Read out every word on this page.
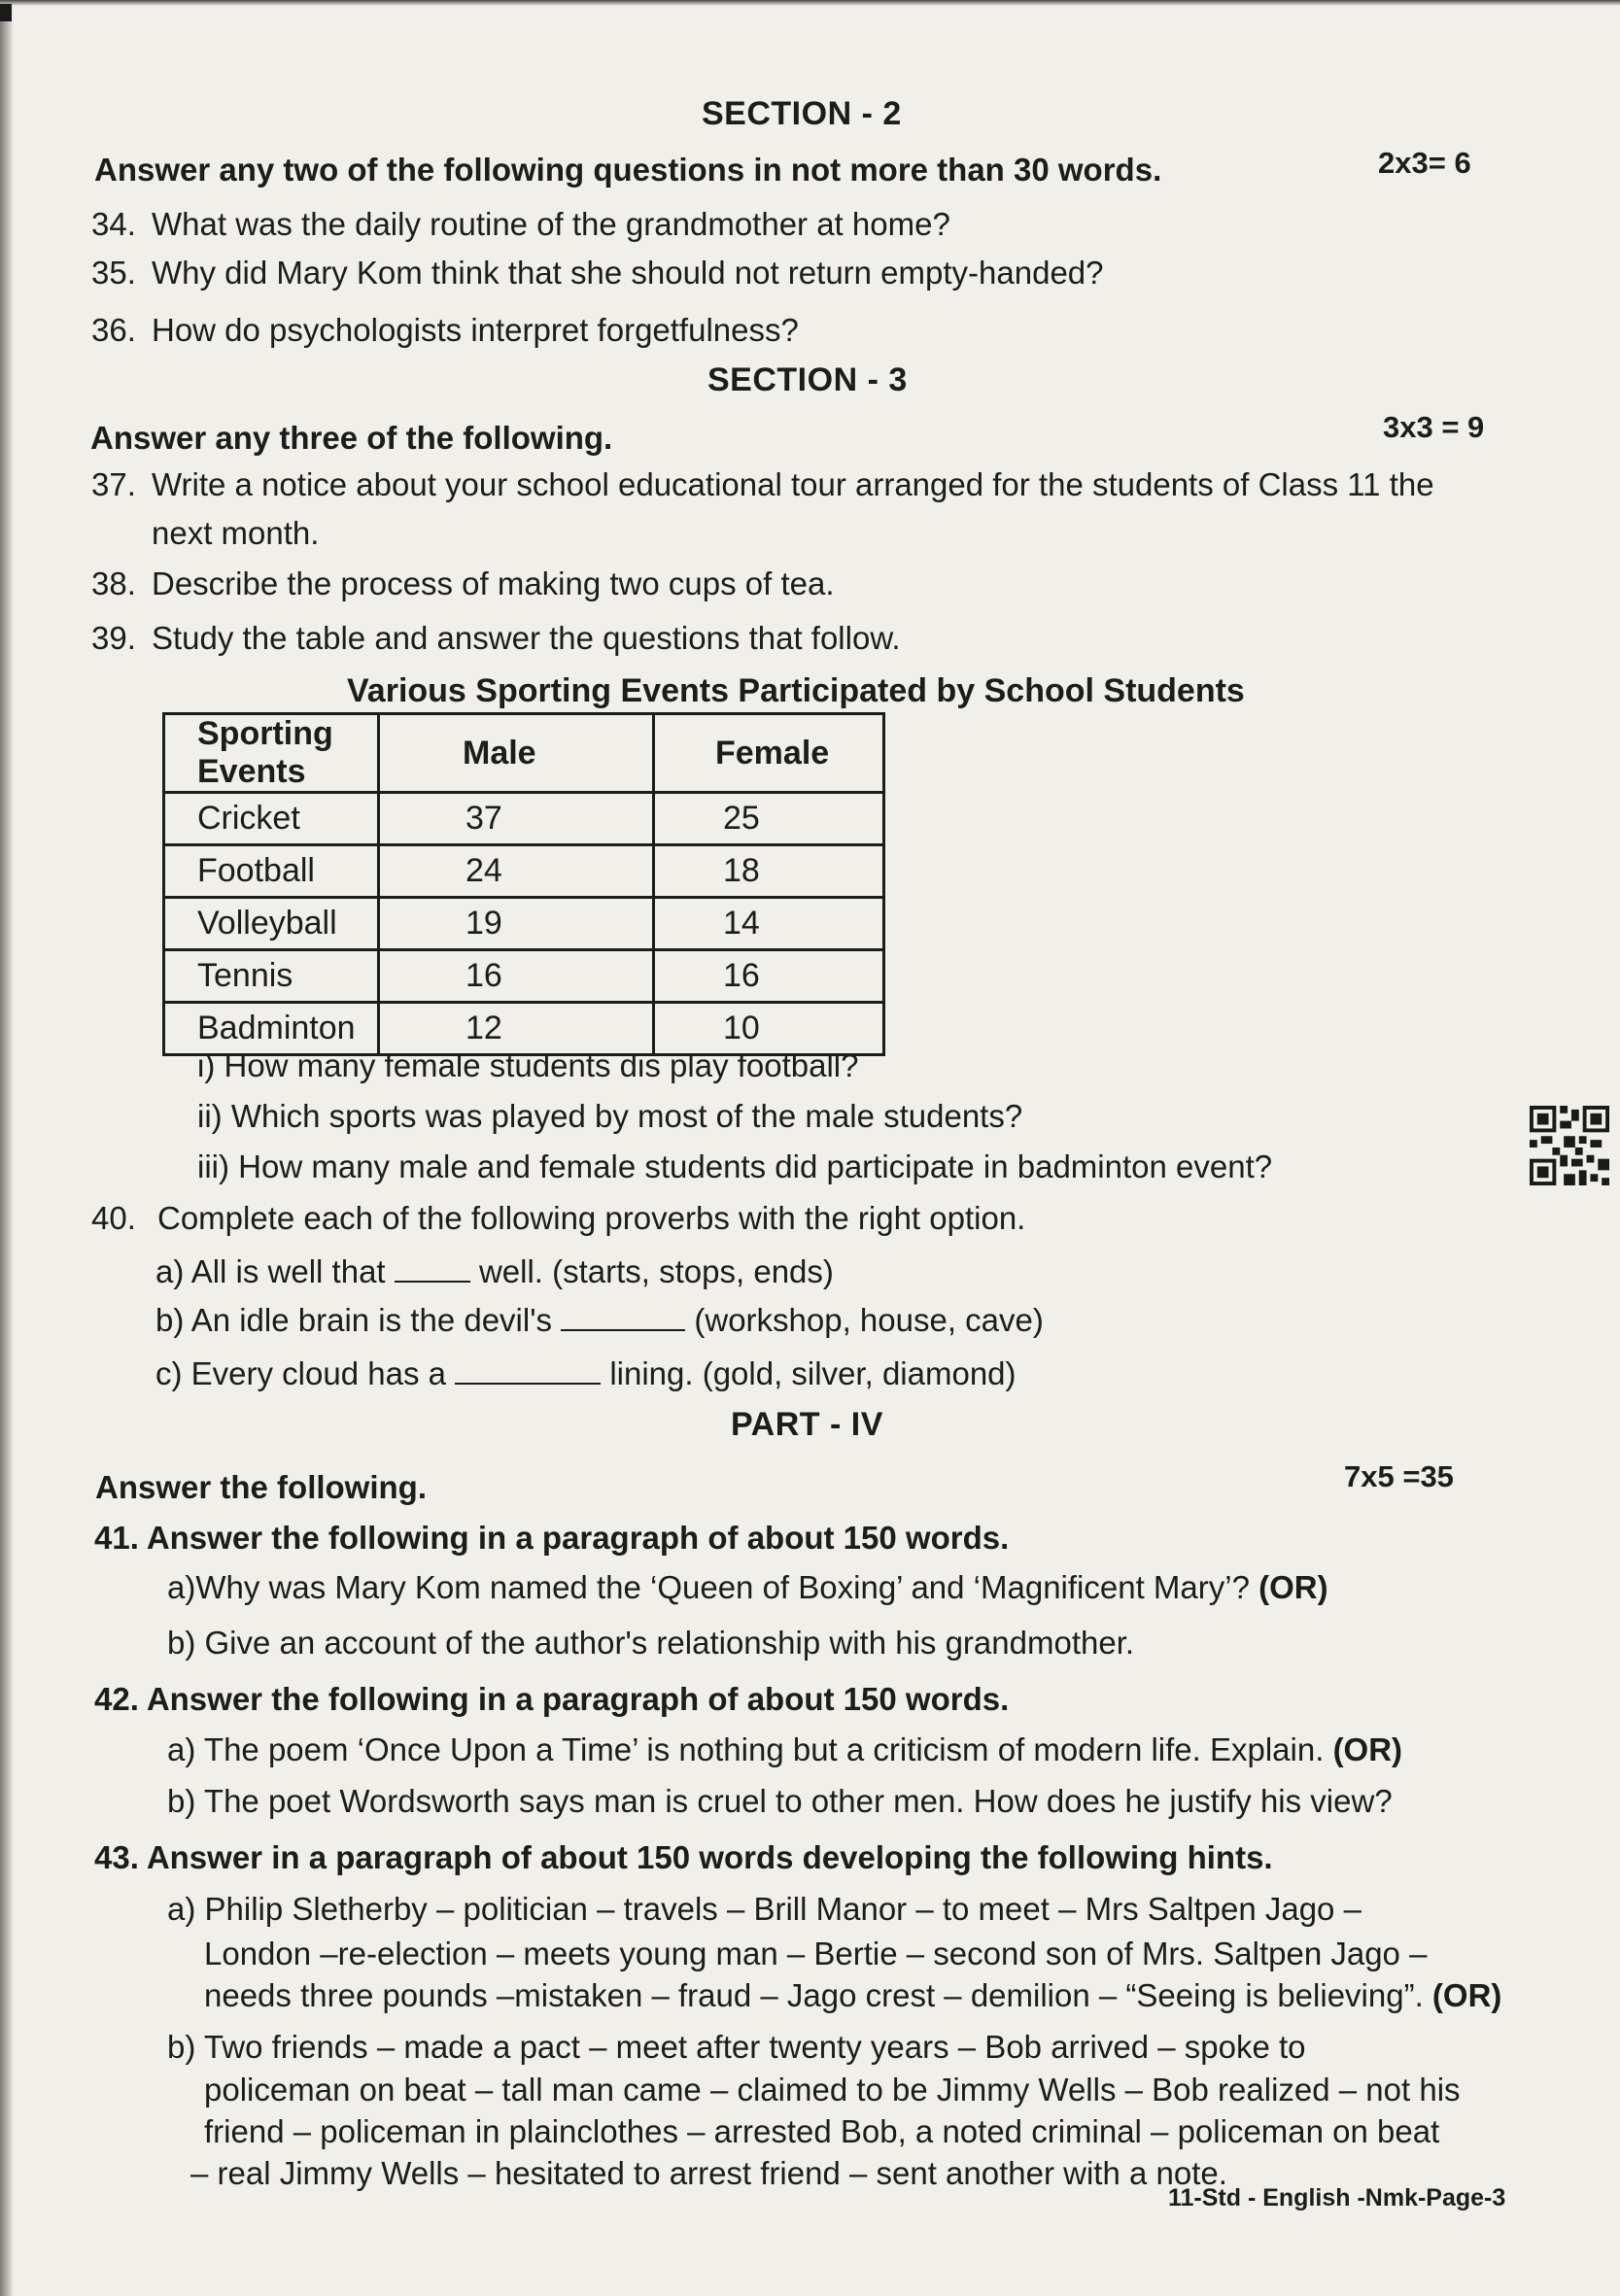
SECTION - 2
Answer any two of the following questions in not more than 30 words.	2x3= 6
34. What was the daily routine of the grandmother at home?
35. Why did Mary Kom think that she should not return empty-handed?
36. How do psychologists interpret forgetfulness?
SECTION - 3
Answer any three of the following.	3x3 = 9
37. Write a notice about your school educational tour arranged for the students of Class 11 the
next month.
38. Describe the process of making two cups of tea.
39. Study the table and answer the questions that follow.
Various Sporting Events Participated by School Students
Sporting Events	Male	Female
Cricket	37	25
Football	24	18
Volleyball	19	14
Tennis	16	16
Badminton	12	10
i) How many female students dis play football?
ii) Which sports was played by most of the male students?
iii) How many male and female students did participate in badminton event?
40. Complete each of the following proverbs with the right option.
a) All is well that	well. (starts, stops, ends)
b) An idle brain is the devil's	(workshop, house, cave)
c) Every cloud has a	lining. (gold, silver, diamond)
PART - IV
Answer the following.	7x5 =35
41. Answer the following in a paragraph of about 150 words.
a)Why was Mary Kom named the ‘Queen of Boxing’ and ‘Magnificent Mary’? (OR)
b) Give an account of the author's relationship with his grandmother.
42. Answer the following in a paragraph of about 150 words.
a) The poem ‘Once Upon a Time’ is nothing but a criticism of modern life. Explain. (OR)
b) The poet Wordsworth says man is cruel to other men. How does he justify his view?
43. Answer in a paragraph of about 150 words developing the following hints.
a) Philip Sletherby – politician – travels – Brill Manor – to meet – Mrs Saltpen Jago –
London –re-election – meets young man – Bertie – second son of Mrs. Saltpen Jago –
needs three pounds –mistaken – fraud – Jago crest – demilion – “Seeing is believing”. (OR)
b) Two friends – made a pact – meet after twenty years – Bob arrived – spoke to
policeman on beat – tall man came – claimed to be Jimmy Wells – Bob realized – not his
friend – policeman in plainclothes – arrested Bob, a noted criminal – policeman on beat
– real Jimmy Wells – hesitated to arrest friend – sent another with a note.
11-Std - English -Nmk-Page-3
